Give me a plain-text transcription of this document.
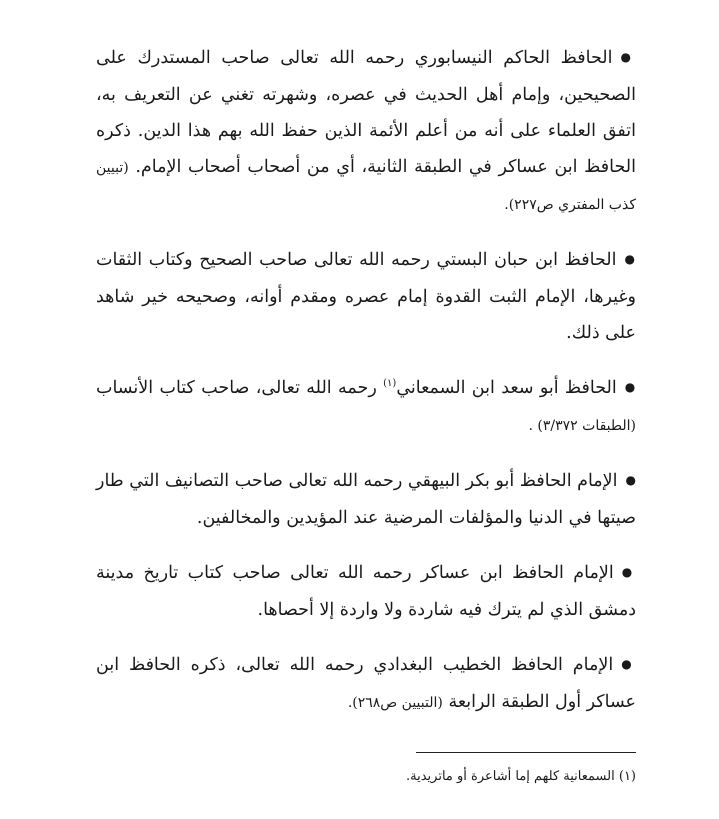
●الحافظ الحاكم النيسابوري رحمه الله تعالى صاحب المستدرك على الصحيحين، وإمام أهل الحديث في عصره، وشهرته تغني عن التعريف به، اتفق العلماء على أنه من أعلم الأئمة الذين حفظ الله بهم هذا الدين. ذكره الحافظ ابن عساكر في الطبقة الثانية، أي من أصحاب أصحاب الإمام. (تبيين كذب المفتري ص٢٢٧).

●الحافظ ابن حبان البستي رحمه الله تعالى صاحب الصحيح وكتاب الثقات وغيرها، الإمام الثبت القدوة إمام عصره ومقدم أوانه، وصحيحه خير شاهد على ذلك.

●الحافظ أبو سعد ابن السمعاني$^{(١)}$ رحمه الله تعالى، صاحب كتاب الأنساب (الطبقات ٣/٣٧٢) .

●الإمام الحافظ أبو بكر البيهقي رحمه الله تعالى صاحب التصانيف التي طار صيتها في الدنيا والمؤلفات المرضية عند المؤيدين والمخالفين.

●الإمام الحافظ ابن عساكر رحمه الله تعالى صاحب كتاب تاريخ مدينة دمشق الذي لم يترك فيه شاردة ولا واردة إلا أحصاها.

●الإمام الحافظ الخطيب البغدادي رحمه الله تعالى، ذكره الحافظ ابن عساكر أول الطبقة الرابعة (التبيين ص٢٦٨).

(١) السمعانية كلهم إما أشاعرة أو ماتريدية.
